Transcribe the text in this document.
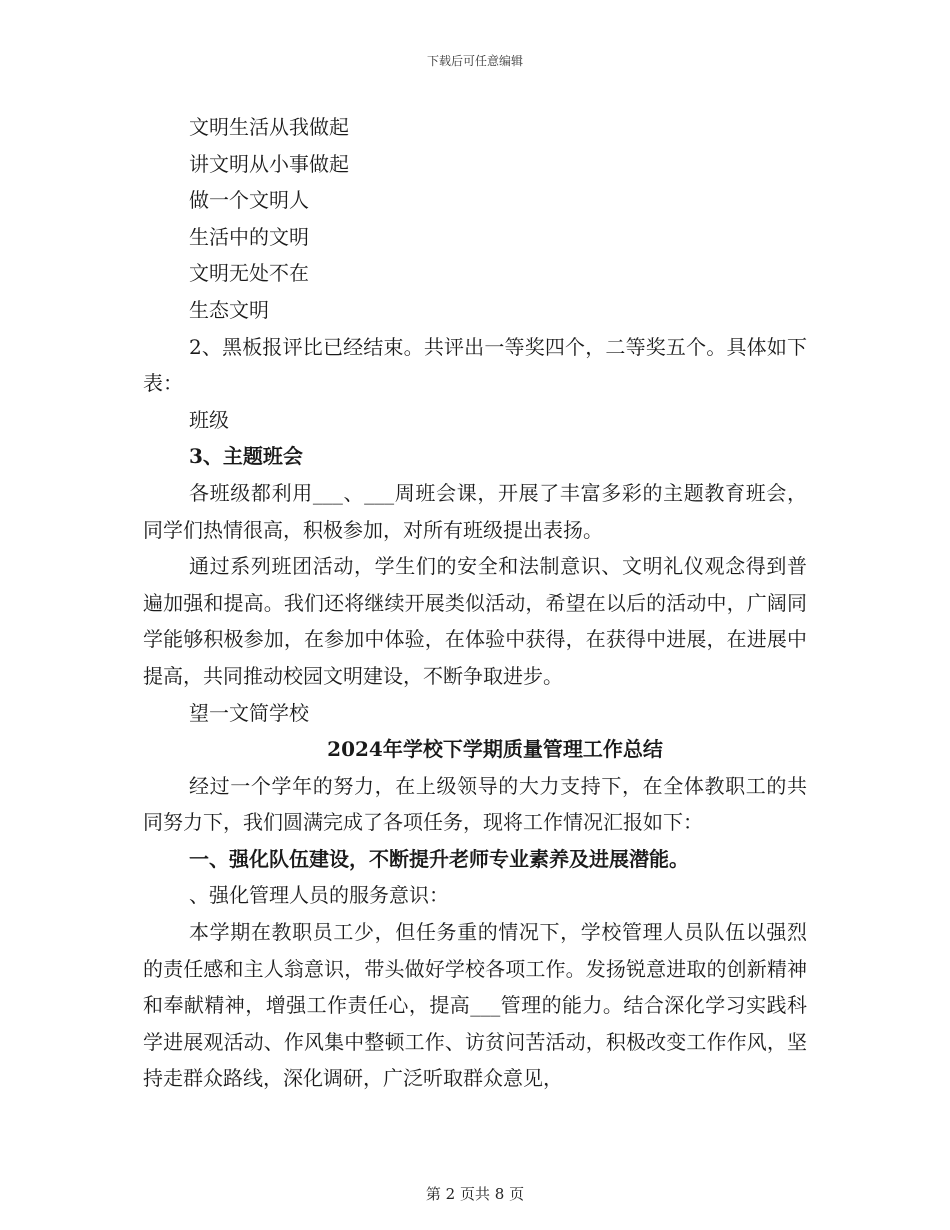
下载后可任意编辑

文明生活从我做起

讲文明从小事做起

做一个文明人

生活中的文明

文明无处不在

生态文明

2、黑板报评比已经结束。共评出一等奖四个，二等奖五个。具体如下表：

班级

3、主题班会

各班级都利用___、___周班会课，开展了丰富多彩的主题教育班会，同学们热情很高，积极参加，对所有班级提出表扬。

通过系列班团活动，学生们的安全和法制意识、文明礼仪观念得到普遍加强和提高。我们还将继续开展类似活动，希望在以后的活动中，广阔同学能够积极参加，在参加中体验，在体验中获得，在获得中进展，在进展中提高，共同推动校园文明建设，不断争取进步。

望一文简学校

2024年学校下学期质量管理工作总结

经过一个学年的努力，在上级领导的大力支持下，在全体教职工的共同努力下，我们圆满完成了各项任务，现将工作情况汇报如下：

一、强化队伍建设，不断提升老师专业素养及进展潜能。

、强化管理人员的服务意识：

本学期在教职员工少，但任务重的情况下，学校管理人员队伍以强烈的责任感和主人翁意识，带头做好学校各项工作。发扬锐意进取的创新精神和奉献精神，增强工作责任心，提高___管理的能力。结合深化学习实践科学进展观活动、作风集中整顿工作、访贫问苦活动，积极改变工作作风，坚持走群众路线，深化调研，广泛听取群众意见，

第 2 页共 8 页
